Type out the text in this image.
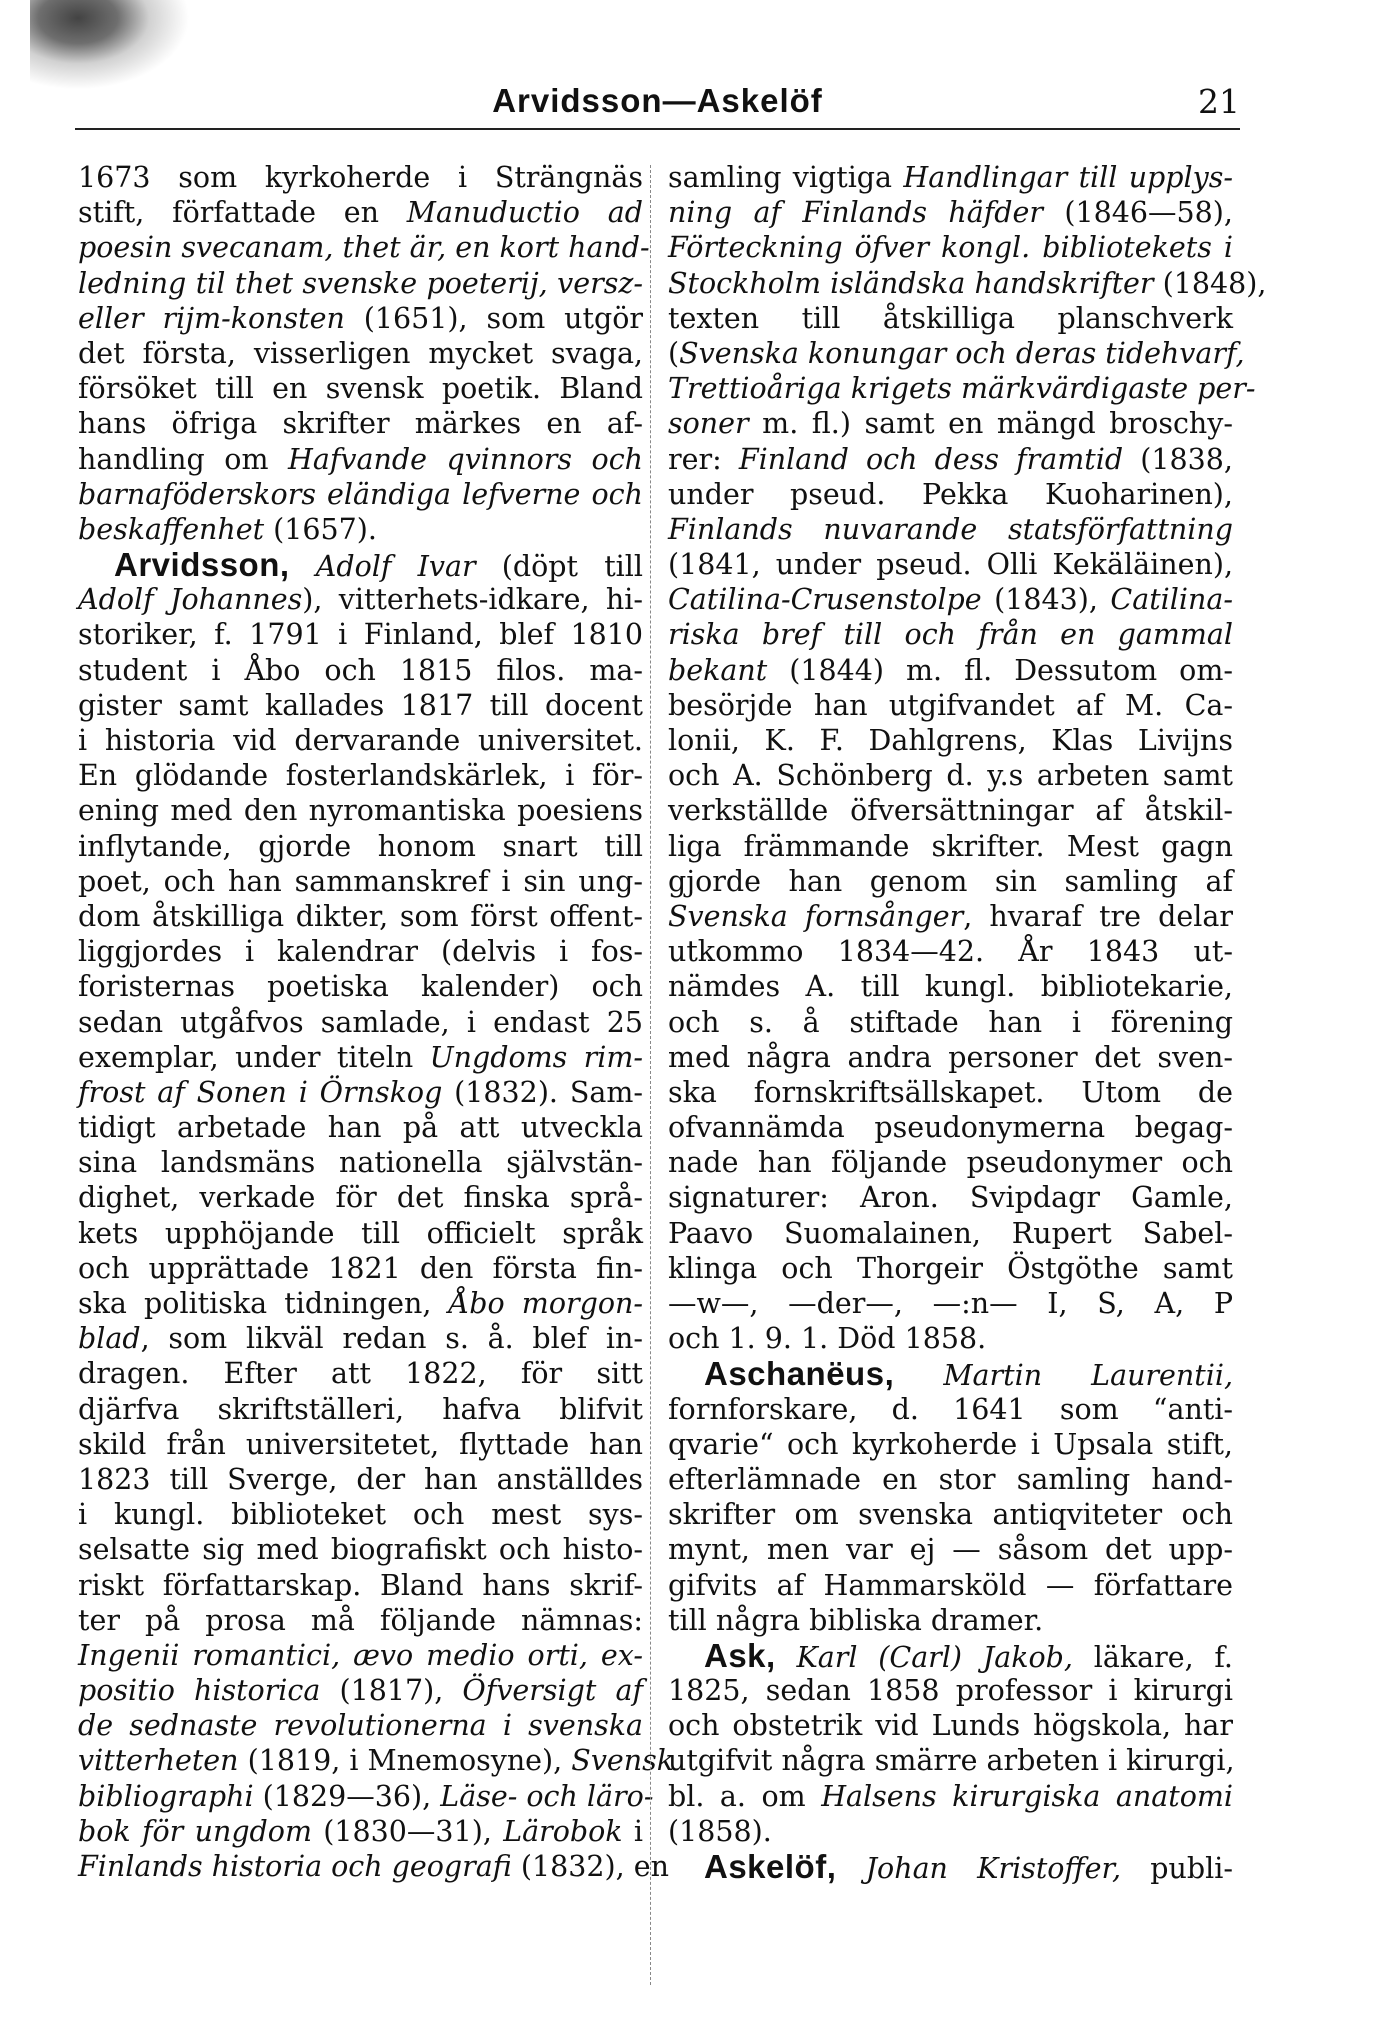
Arvidsson—Askelöf	21
1673 som kyrkoherde i Strängnäs
stift, författade en Manuductio ad
poesin svecanam, thet är, en kort hand-
ledning til thet svenske poeterij, versz-
eller rijm-konsten (1651), som utgör
det första, visserligen mycket svaga,
försöket till en svensk poetik. Bland
hans öfriga skrifter märkes en af-
handling om Hafvande qvinnors och
barnaföderskors eländiga lefverne och
beskaffenhet (1657).
Arvidsson, Adolf Ivar (döpt till
Adolf Johannes), vitterhets-idkare, hi-
storiker, f. 1791 i Finland, blef 1810
student i Åbo och 1815 filos. ma-
gister samt kallades 1817 till docent
i historia vid dervarande universitet.
En glödande fosterlandskärlek, i för-
ening med den nyromantiska poesiens
inflytande, gjorde honom snart till
poet, och han sammanskref i sin ung-
dom åtskilliga dikter, som först offent-
liggjordes i kalendrar (delvis i fos-
foristernas poetiska kalender) och
sedan utgåfvos samlade, i endast 25
exemplar, under titeln Ungdoms rim-
frost af Sonen i Örnskog (1832). Sam-
tidigt arbetade han på att utveckla
sina landsmäns nationella självstän-
dighet, verkade för det finska språ-
kets upphöjande till officielt språk
och upprättade 1821 den första fin-
ska politiska tidningen, Åbo morgon-
blad, som likväl redan s. å. blef in-
dragen. Efter att 1822, för sitt
djärfva skriftställeri, hafva blifvit
skild från universitetet, flyttade han
1823 till Sverge, der han anställdes
i kungl. biblioteket och mest sys-
selsatte sig med biografiskt och histo-
riskt författarskap. Bland hans skrif-
ter på prosa må följande nämnas:
Ingenii romantici, ævo medio orti, ex-
positio historica (1817), Öfversigt af
de sednaste revolutionerna i svenska
vitterheten (1819, i Mnemosyne), Svensk
bibliographi (1829—36), Läse- och läro-
bok för ungdom (1830—31), Lärobok i
Finlands historia och geografi (1832), en
samling vigtiga Handlingar till upplys-
ning af Finlands häfder (1846—58),
Förteckning öfver kongl. bibliotekets i
Stockholm isländska handskrifter (1848),
texten till åtskilliga planschverk
(Svenska konungar och deras tidehvarf,
Trettioåriga krigets märkvärdigaste per-
soner m. fl.) samt en mängd broschy-
rer: Finland och dess framtid (1838,
under pseud. Pekka Kuoharinen),
Finlands nuvarande statsförfattning
(1841, under pseud. Olli Kekäläinen),
Catilina-Crusenstolpe (1843), Catilina-
riska bref till och från en gammal
bekant (1844) m. fl. Dessutom om-
besörjde han utgifvandet af M. Ca-
lonii, K. F. Dahlgrens, Klas Livijns
och A. Schönberg d. y.s arbeten samt
verkställde öfversättningar af åtskil-
liga främmande skrifter. Mest gagn
gjorde han genom sin samling af
Svenska fornsånger, hvaraf tre delar
utkommo 1834—42. År 1843 ut-
nämdes A. till kungl. bibliotekarie,
och s. å stiftade han i förening
med några andra personer det sven-
ska fornskriftsällskapet. Utom de
ofvannämda pseudonymerna begag-
nade han följande pseudonymer och
signaturer: Aron. Svipdagr Gamle,
Paavo Suomalainen, Rupert Sabel-
klinga och Thorgeir Östgöthe samt
—w—, —der—, —:n— I, S, A, P
och 1. 9. 1. Död 1858.
Aschanëus, Martin Laurentii,
fornforskare, d. 1641 som “anti-
qvarie“ och kyrkoherde i Upsala stift,
efterlämnade en stor samling hand-
skrifter om svenska antiqviteter och
mynt, men var ej — såsom det upp-
gifvits af Hammarsköld — författare
till några bibliska dramer.
Ask, Karl (Carl) Jakob, läkare, f.
1825, sedan 1858 professor i kirurgi
och obstetrik vid Lunds högskola, har
utgifvit några smärre arbeten i kirurgi,
bl. a. om Halsens kirurgiska anatomi
(1858).
Askelöf, Johan Kristoffer, publi-
